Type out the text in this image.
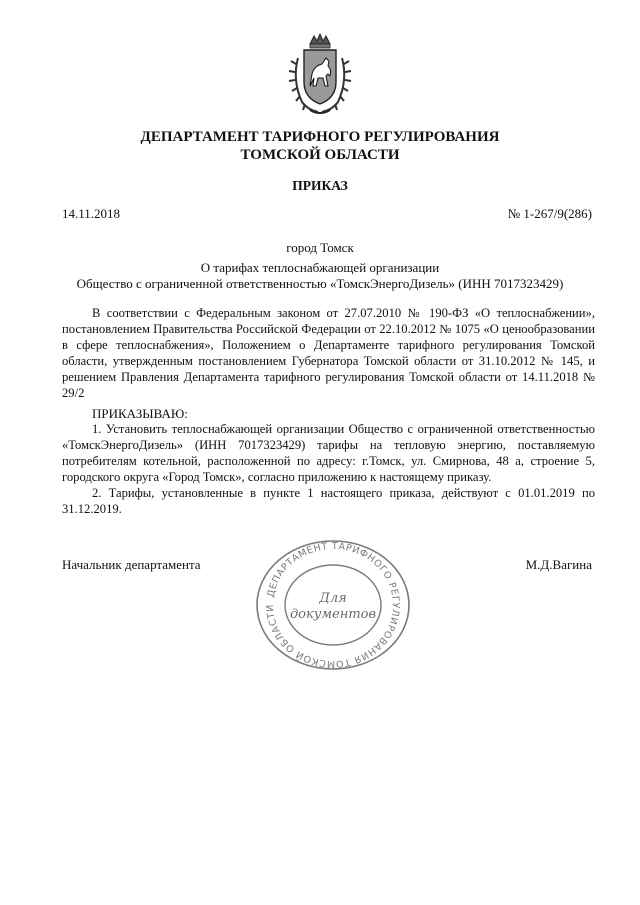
ДЕПАРТАМЕНТ ТАРИФНОГО РЕГУЛИРОВАНИЯ
ТОМСКОЙ ОБЛАСТИ
ПРИКАЗ
14.11.2018	№ 1-267/9(286)
город Томск
О тарифах теплоснабжающей организации
Общество с ограниченной ответственностью «ТомскЭнергоДизель» (ИНН 7017323429)
В соответствии с Федеральным законом от 27.07.2010 № 190-ФЗ «О теплоснабжении», постановлением Правительства Российской Федерации от 22.10.2012 № 1075 «О ценообразовании в сфере теплоснабжения», Положением о Департаменте тарифного регулирования Томской области, утвержденным постановлением Губернатора Томской области от 31.10.2012 № 145, и решением Правления Департамента тарифного регулирования Томской области от 14.11.2018 № 29/2
ПРИКАЗЫВАЮ:
1. Установить теплоснабжающей организации Общество с ограниченной ответственностью «ТомскЭнергоДизель» (ИНН 7017323429) тарифы на тепловую энергию, поставляемую потребителям котельной, расположенной по адресу: г.Томск, ул. Смирнова, 48 а, строение 5, городского округа «Город Томск», согласно приложению к настоящему приказу.
2. Тарифы, установленные в пункте 1 настоящего приказа, действуют с 01.01.2019 по 31.12.2019.
Начальник департамента	М.Д.Вагина
ДЕПАРТАМЕНТ ТАРИФНОГО РЕГУЛИРОВАНИЯ ТОМСКОЙ ОБЛАСТИ
Для
документов
